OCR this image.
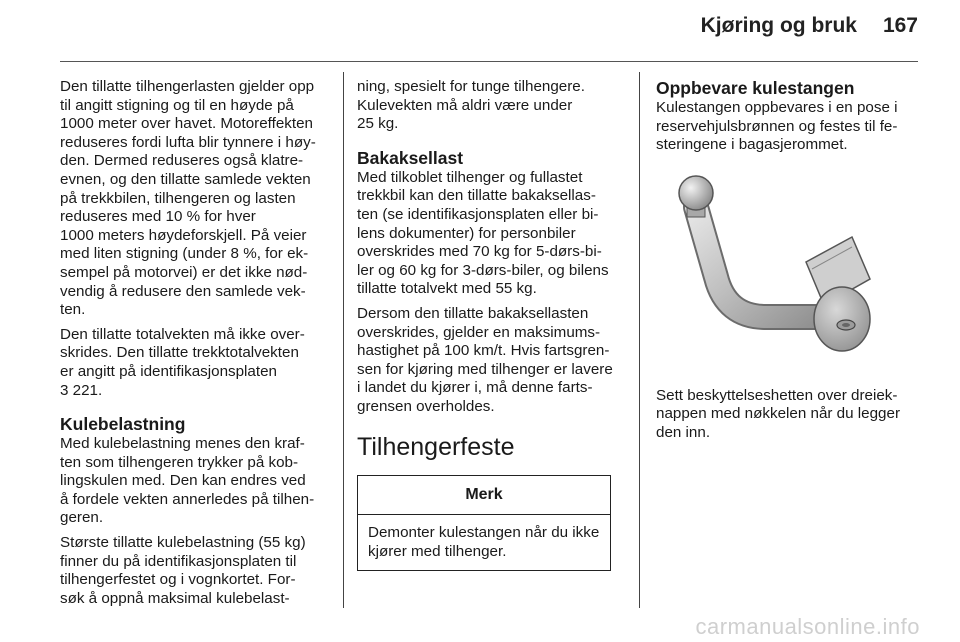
Kjøring og bruk 167

Den tillatte tilhengerlasten gjelder opp
til angitt stigning og til en høyde på
1000 meter over havet. Motoreffekten
reduseres fordi lufta blir tynnere i høy-
den. Dermed reduseres også klatre-
evnen, og den tillatte samlede vekten
på trekkbilen, tilhengeren og lasten
reduseres med 10 % for hver
1000 meters høydeforskjell. På veier
med liten stigning (under 8 %, for ek-
sempel på motorvei) er det ikke nød-
vendig å redusere den samlede vek-
ten.

Den tillatte totalvekten må ikke over-
skrides. Den tillatte trekktotalvekten
er angitt på identifikasjonsplaten
3 221.

Kulebelastning

Med kulebelastning menes den kraf-
ten som tilhengeren trykker på kob-
lingskulen med. Den kan endres ved
å fordele vekten annerledes på tilhen-
geren.

Største tillatte kulebelastning (55 kg)
finner du på identifikasjonsplaten til
tilhengerfestet og i vognkortet. For-
søk å oppnå maksimal kulebelast-

ning, spesielt for tunge tilhengere.
Kulevekten må aldri være under
25 kg.

Bakaksellast

Med tilkoblet tilhenger og fullastet
trekkbil kan den tillatte bakaksellas-
ten (se identifikasjonsplaten eller bi-
lens dokumenter) for personbiler
overskrides med 70 kg for 5-dørs-bi-
ler og 60 kg for 3-dørs-biler, og bilens
tillatte totalvekt med 55 kg.

Dersom den tillatte bakaksellasten
overskrides, gjelder en maksimums-
hastighet på 100 km/t. Hvis fartsgren-
sen for kjøring med tilhenger er lavere
i landet du kjører i, må denne farts-
grensen overholdes.

Tilhengerfeste
Merk
Demonter kulestangen når du ikke
kjører med tilhenger.
Oppbevare kulestangen

Kulestangen oppbevares i en pose i
reservehjulsbrønnen og festes til fe-
steringene i bagasjerommet.

Sett beskyttelseshetten over dreiek-
nappen med nøkkelen når du legger
den inn.

carmanualsonline.info
